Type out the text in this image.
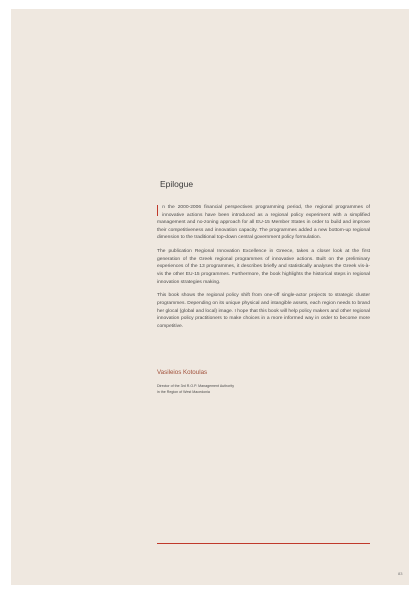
Epilogue

n the 2000-2006 financial perspectives programming period, the regional programmes of innovative actions have been introduced as a regional policy experiment with a simplified management and no-zoning approach for all EU-15 Member States in order to build and improve their competitiveness and innovation capacity. The programmes added a new bottom-up regional dimension to the traditional top-down central government policy formulation.

The publication Regional Innovation Excellence in Greece, takes a closer look at the first generation of the Greek regional programmes of innovative actions. Built on the preliminary experiences of the 13 programmes, it describes briefly and statistically analyses the Greek vis-à-vis the other EU-15 programmes. Furthermore, the book highlights the historical steps in regional innovation strategies making.

This book shows the regional policy shift from one-off single-actor projects to strategic cluster programmes. Depending on its unique physical and intangible assets, each region needs to brand her glocal (global and local) image. I hope that this book will help policy makers and other regional innovation policy practitioners to make choices in a more informed way in order to become more competitive.

Vasileios Kotoulas

Director of the 3rd R.O.P. Management Authority
in the Region of West Macedonia
83
